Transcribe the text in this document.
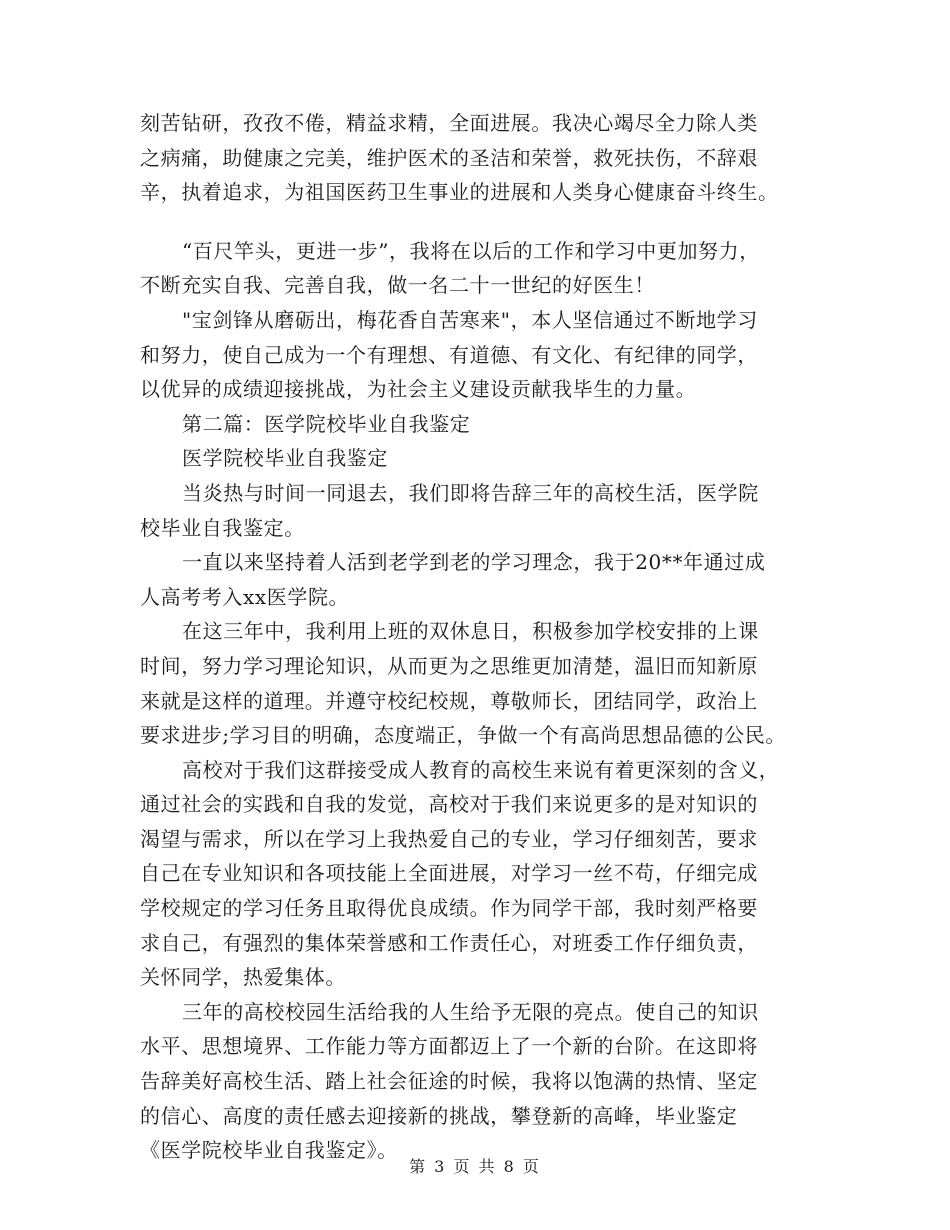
刻苦钻研，孜孜不倦，精益求精，全面进展。我决心竭尽全力除人类
之病痛，助健康之完美，维护医术的圣洁和荣誉，救死扶伤，不辞艰
辛，执着追求，为祖国医药卫生事业的进展和人类身心健康奋斗终生。
“百尺竿头，更进一步”，我将在以后的工作和学习中更加努力，
不断充实自我、完善自我，做一名二十一世纪的好医生！
"宝剑锋从磨砺出，梅花香自苦寒来"，本人坚信通过不断地学习
和努力，使自己成为一个有理想、有道德、有文化、有纪律的同学，
以优异的成绩迎接挑战，为社会主义建设贡献我毕生的力量。
第二篇：医学院校毕业自我鉴定
医学院校毕业自我鉴定
当炎热与时间一同退去，我们即将告辞三年的高校生活，医学院
校毕业自我鉴定。
一直以来坚持着人活到老学到老的学习理念，我于20**年通过成
人高考考入xx医学院。
在这三年中，我利用上班的双休息日，积极参加学校安排的上课
时间，努力学习理论知识，从而更为之思维更加清楚，温旧而知新原
来就是这样的道理。并遵守校纪校规，尊敬师长，团结同学，政治上
要求进步;学习目的明确，态度端正，争做一个有高尚思想品德的公民。
高校对于我们这群接受成人教育的高校生来说有着更深刻的含义，
通过社会的实践和自我的发觉，高校对于我们来说更多的是对知识的
渴望与需求，所以在学习上我热爱自己的专业，学习仔细刻苦，要求
自己在专业知识和各项技能上全面进展，对学习一丝不苟，仔细完成
学校规定的学习任务且取得优良成绩。作为同学干部，我时刻严格要
求自己，有强烈的集体荣誉感和工作责任心，对班委工作仔细负责，
关怀同学，热爱集体。
三年的高校校园生活给我的人生给予无限的亮点。使自己的知识
水平、思想境界、工作能力等方面都迈上了一个新的台阶。在这即将
告辞美好高校生活、踏上社会征途的时候，我将以饱满的热情、坚定
的信心、高度的责任感去迎接新的挑战，攀登新的高峰，毕业鉴定
《医学院校毕业自我鉴定》。
第 3 页 共 8 页
